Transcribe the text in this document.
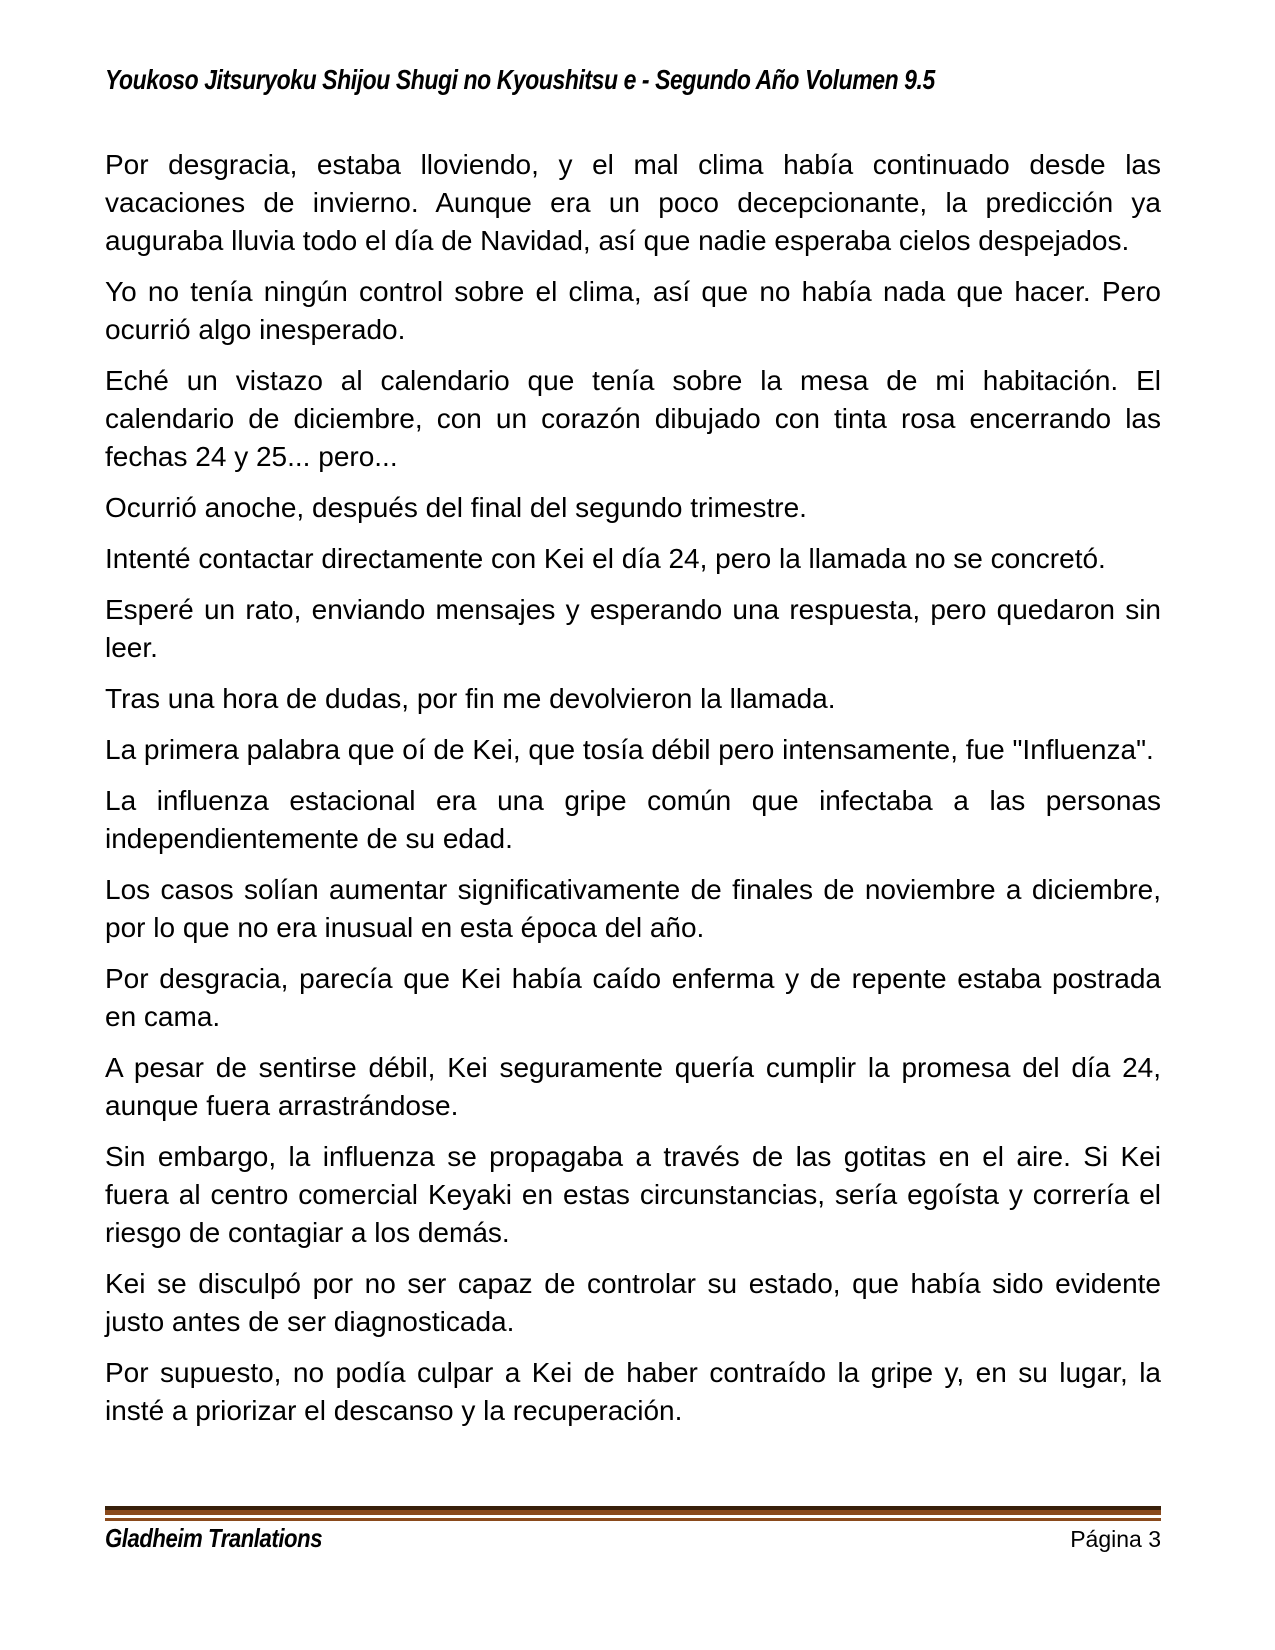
Youkoso Jitsuryoku Shijou Shugi no Kyoushitsu e - Segundo Año Volumen 9.5

Por desgracia, estaba lloviendo, y el mal clima había continuado desde las vacaciones de invierno. Aunque era un poco decepcionante, la predicción ya auguraba lluvia todo el día de Navidad, así que nadie esperaba cielos despejados.

Yo no tenía ningún control sobre el clima, así que no había nada que hacer. Pero ocurrió algo inesperado.

Eché un vistazo al calendario que tenía sobre la mesa de mi habitación. El calendario de diciembre, con un corazón dibujado con tinta rosa encerrando las fechas 24 y 25... pero...

Ocurrió anoche, después del final del segundo trimestre.

Intenté contactar directamente con Kei el día 24, pero la llamada no se concretó.

Esperé un rato, enviando mensajes y esperando una respuesta, pero quedaron sin leer.

Tras una hora de dudas, por fin me devolvieron la llamada.

La primera palabra que oí de Kei, que tosía débil pero intensamente, fue "Influenza".

La influenza estacional era una gripe común que infectaba a las personas independientemente de su edad.

Los casos solían aumentar significativamente de finales de noviembre a diciembre, por lo que no era inusual en esta época del año.

Por desgracia, parecía que Kei había caído enferma y de repente estaba postrada en cama.

A pesar de sentirse débil, Kei seguramente quería cumplir la promesa del día 24, aunque fuera arrastrándose.

Sin embargo, la influenza se propagaba a través de las gotitas en el aire. Si Kei fuera al centro comercial Keyaki en estas circunstancias, sería egoísta y correría el riesgo de contagiar a los demás.

Kei se disculpó por no ser capaz de controlar su estado, que había sido evidente justo antes de ser diagnosticada.

Por supuesto, no podía culpar a Kei de haber contraído la gripe y, en su lugar, la insté a priorizar el descanso y la recuperación.

Gladheim Tranlations	Página 3
